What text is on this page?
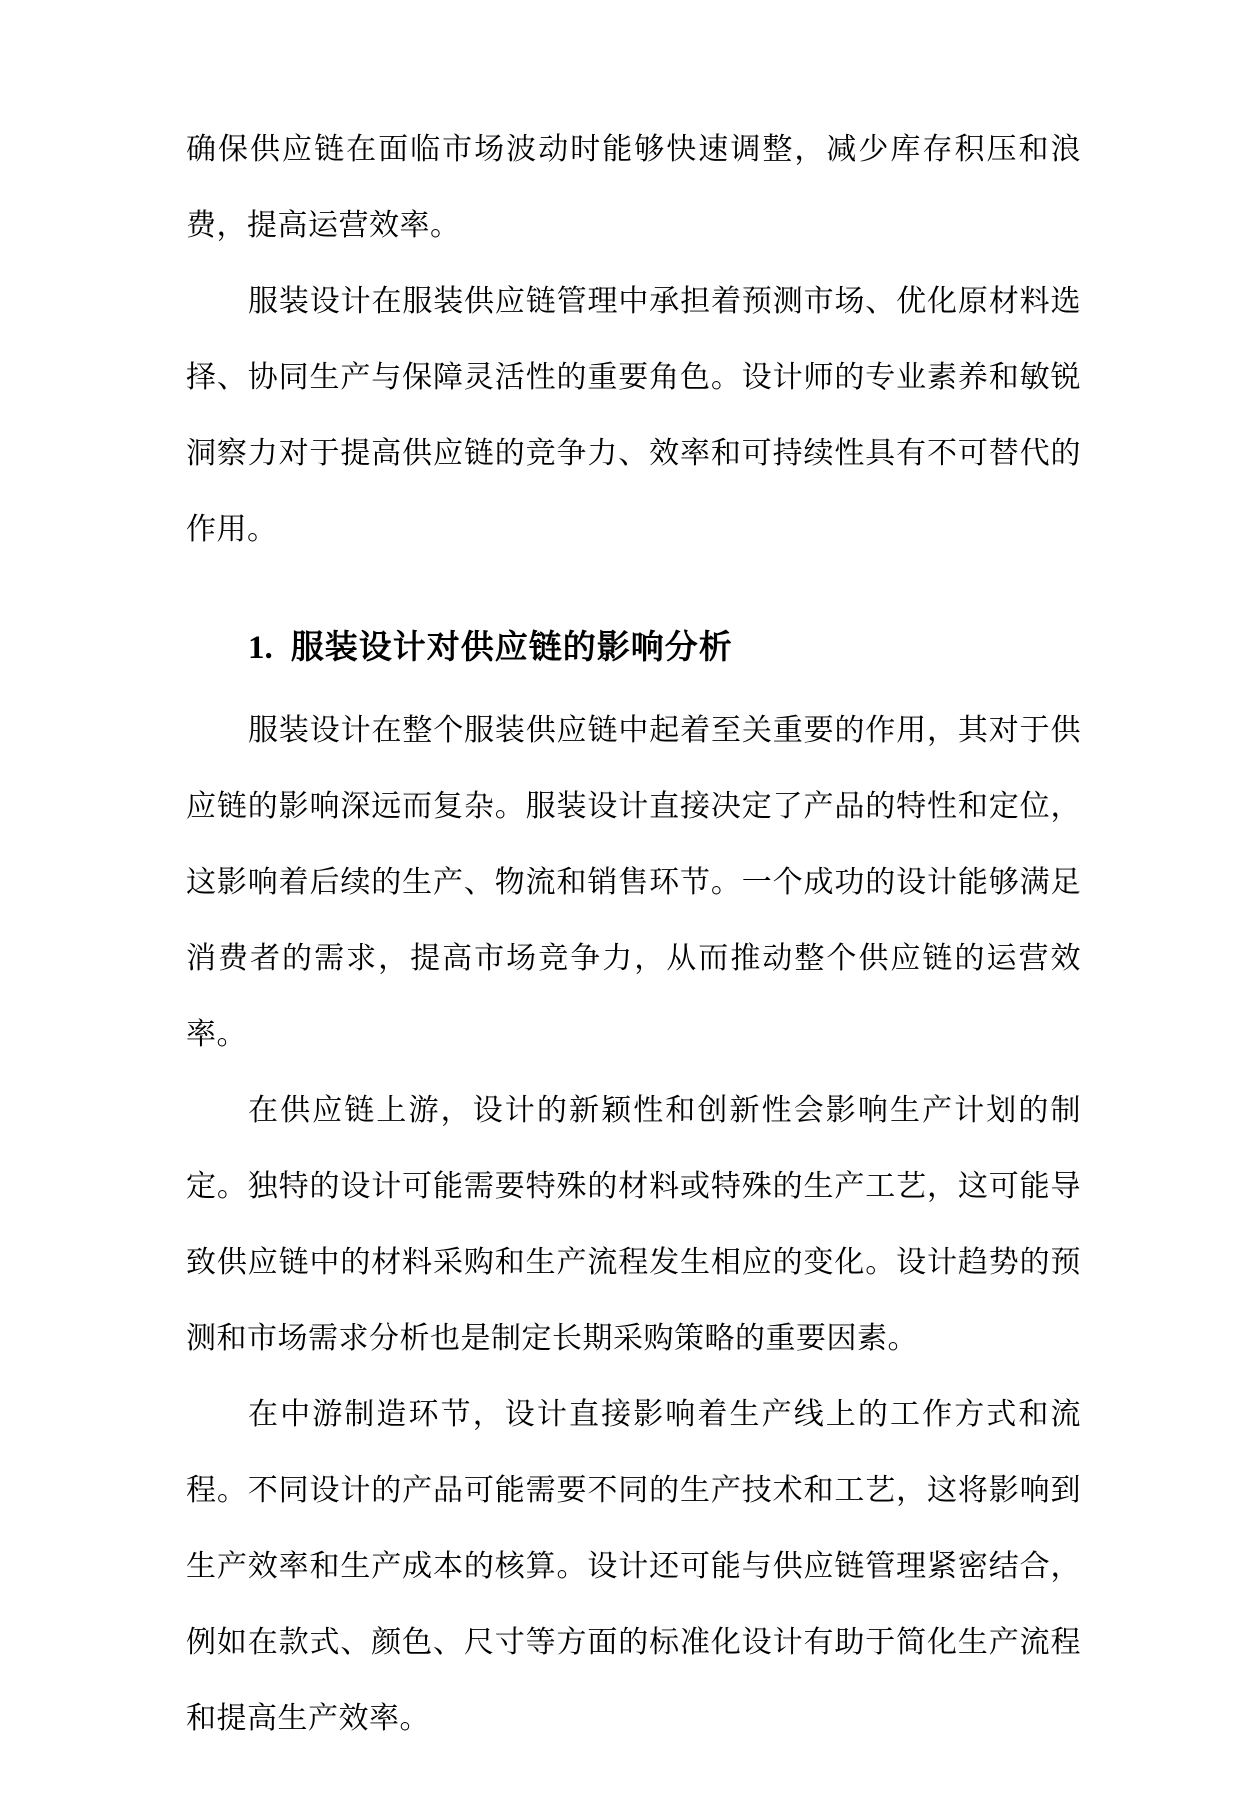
确保供应链在面临市场波动时能够快速调整，减少库存积压和浪费，提高运营效率。

服装设计在服装供应链管理中承担着预测市场、优化原材料选择、协同生产与保障灵活性的重要角色。设计师的专业素养和敏锐洞察力对于提高供应链的竞争力、效率和可持续性具有不可替代的作用。

1. 服装设计对供应链的影响分析

服装设计在整个服装供应链中起着至关重要的作用，其对于供应链的影响深远而复杂。服装设计直接决定了产品的特性和定位，这影响着后续的生产、物流和销售环节。一个成功的设计能够满足消费者的需求，提高市场竞争力，从而推动整个供应链的运营效率。

在供应链上游，设计的新颖性和创新性会影响生产计划的制定。独特的设计可能需要特殊的材料或特殊的生产工艺，这可能导致供应链中的材料采购和生产流程发生相应的变化。设计趋势的预测和市场需求分析也是制定长期采购策略的重要因素。

在中游制造环节，设计直接影响着生产线上的工作方式和流程。不同设计的产品可能需要不同的生产技术和工艺，这将影响到生产效率和生产成本的核算。设计还可能与供应链管理紧密结合，例如在款式、颜色、尺寸等方面的标准化设计有助于简化生产流程和提高生产效率。
